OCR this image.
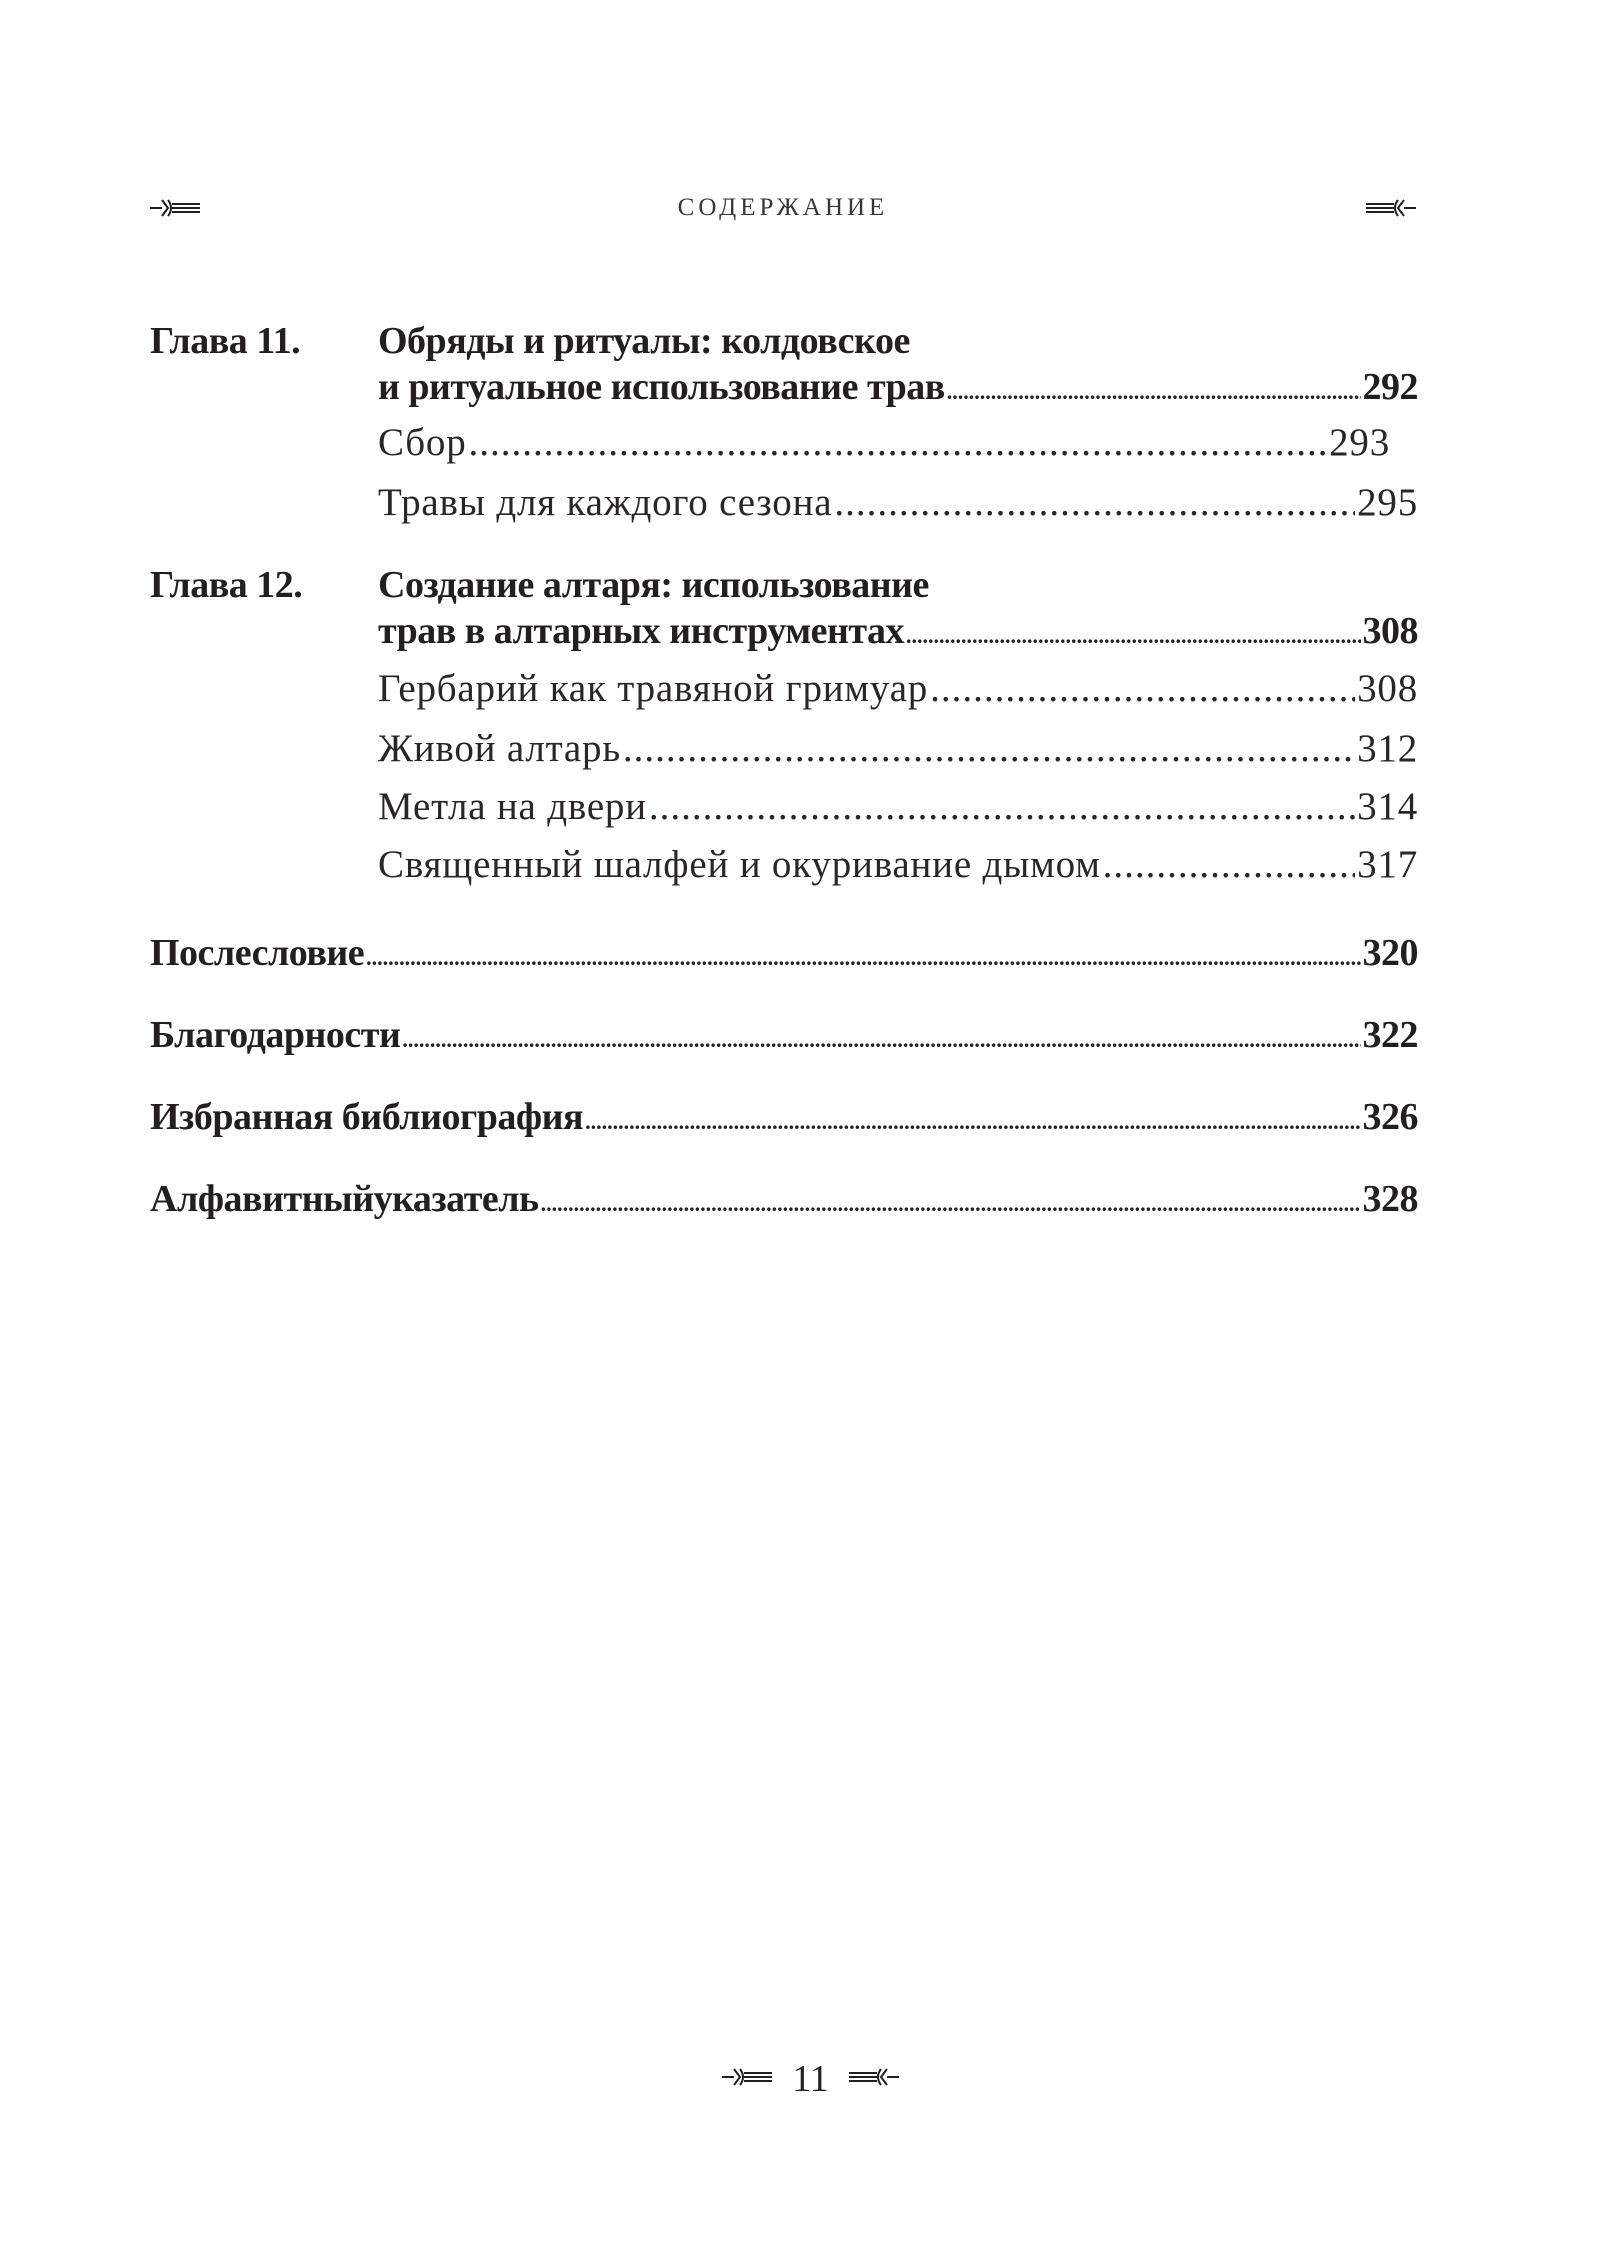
СОДЕРЖАНИЕ
Глава 11. Обряды и ритуалы: колдовское
и ритуальное использование трав .....	292
Сбор .....	293
Травы для каждого сезона .....	295
Глава 12. Создание алтаря: использование
трав в алтарных инструментах .....	308
Гербарий как травяной гримуар .....	308
Живой алтарь .....	312
Метла на двери .....	314
Священный шалфей и окуривание дымом .....	317
Послесловие .....	320
Благодарности .....	322
Избранная библиография .....	326
Алфавитныйуказатель .....	328
11
